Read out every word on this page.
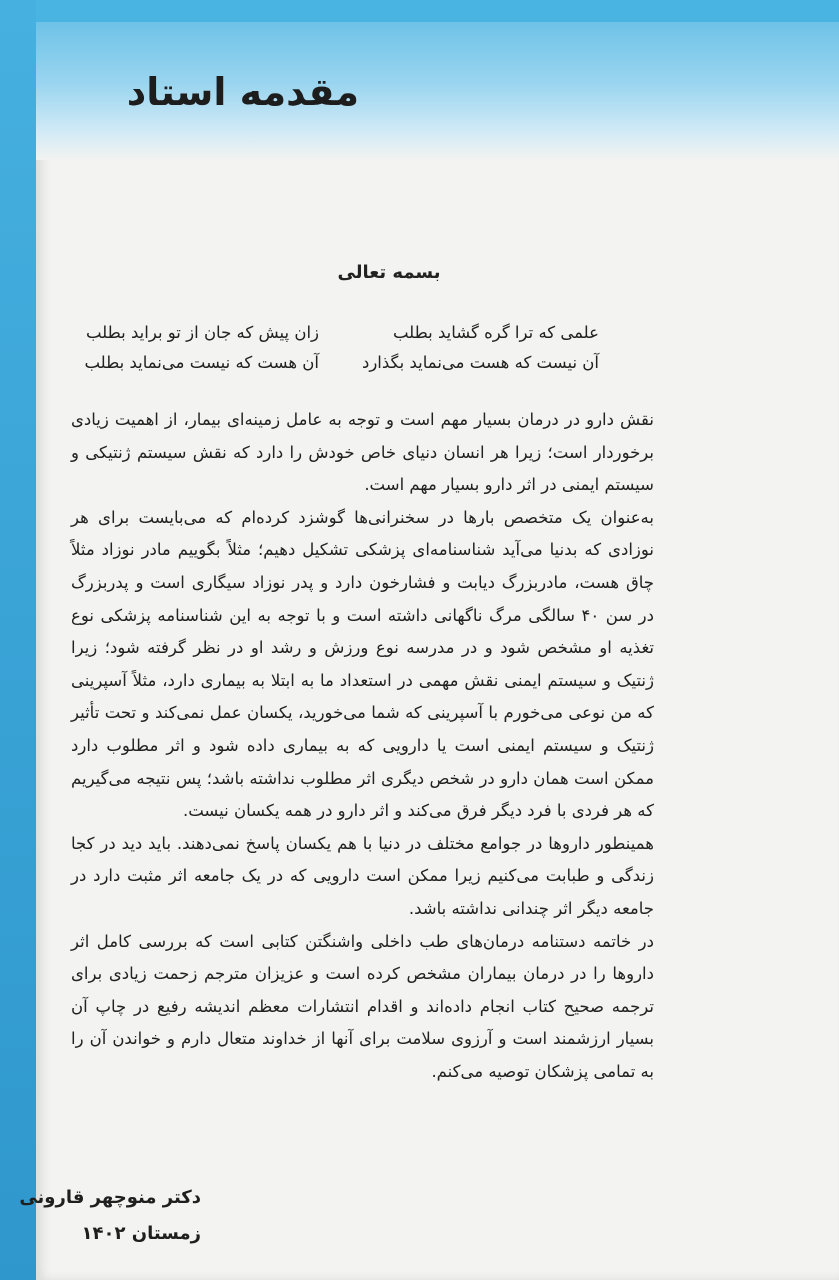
مقدمه استاد
بسمه تعالی
علمی که ترا گره گشاید بطلب
آن نیست که هست می‌نماید بگذارد
زان پیش که جان از تو براید بطلب
آن هست که نیست می‌نماید بطلب

نقش دارو در درمان بسیار مهم است و توجه به عامل زمینه‌ای بیمار، از اهمیت زیادی برخوردار است؛ زیرا هر انسان دنیای خاص خودش را دارد که نقش سیستم ژنتیکی و سیستم ایمنی در اثر دارو بسیار مهم است.

به‌عنوان یک متخصص بارها در سخنرانی‌ها گوشزد کرده‌ام که می‌بایست برای هر نوزادی که بدنیا می‌آید شناسنامه‌ای پزشکی تشکیل دهیم؛ مثلاً بگوییم مادر نوزاد مثلاً چاق هست، مادربزرگ دیابت و فشارخون دارد و پدر نوزاد سیگاری است و پدربزرگ در سن ۴۰ سالگی مرگ ناگهانی داشته است و با توجه به این شناسنامه پزشکی نوع تغذیه او مشخص شود و در مدرسه نوع ورزش و رشد او در نظر گرفته شود؛ زیرا ژنتیک و سیستم ایمنی نقش مهمی در استعداد ما به ابتلا به بیماری دارد، مثلاً آسپرینی که من نوعی می‌خورم با آسپرینی که شما می‌خورید، یکسان عمل نمی‌کند و تحت تأثیر ژنتیک و سیستم ایمنی است یا دارویی که به بیماری داده شود و اثر مطلوب دارد ممکن است همان دارو در شخص دیگری اثر مطلوب نداشته باشد؛ پس نتیجه می‌گیریم که هر فردی با فرد دیگر فرق می‌کند و اثر دارو در همه یکسان نیست.

همینطور داروها در جوامع مختلف در دنیا با هم یکسان پاسخ نمی‌دهند. باید دید در کجا زندگی و طبابت می‌کنیم زیرا ممکن است دارویی که در یک جامعه اثر مثبت دارد در جامعه دیگر اثر چندانی نداشته باشد.

در خاتمه دستنامه درمان‌های طب داخلی واشنگتن کتابی است که بررسی کامل اثر داروها را در درمان بیماران مشخص کرده است و عزیزان مترجم زحمت زیادی برای ترجمه صحیح کتاب انجام داده‌اند و اقدام انتشارات معظم اندیشه رفیع در چاپ آن بسیار ارزشمند است و آرزوی سلامت برای آنها از خداوند متعال دارم و خواندن آن را به تمامی پزشکان توصیه می‌کنم.

دکتر منوچهر قارونی
زمستان ۱۴۰۲
